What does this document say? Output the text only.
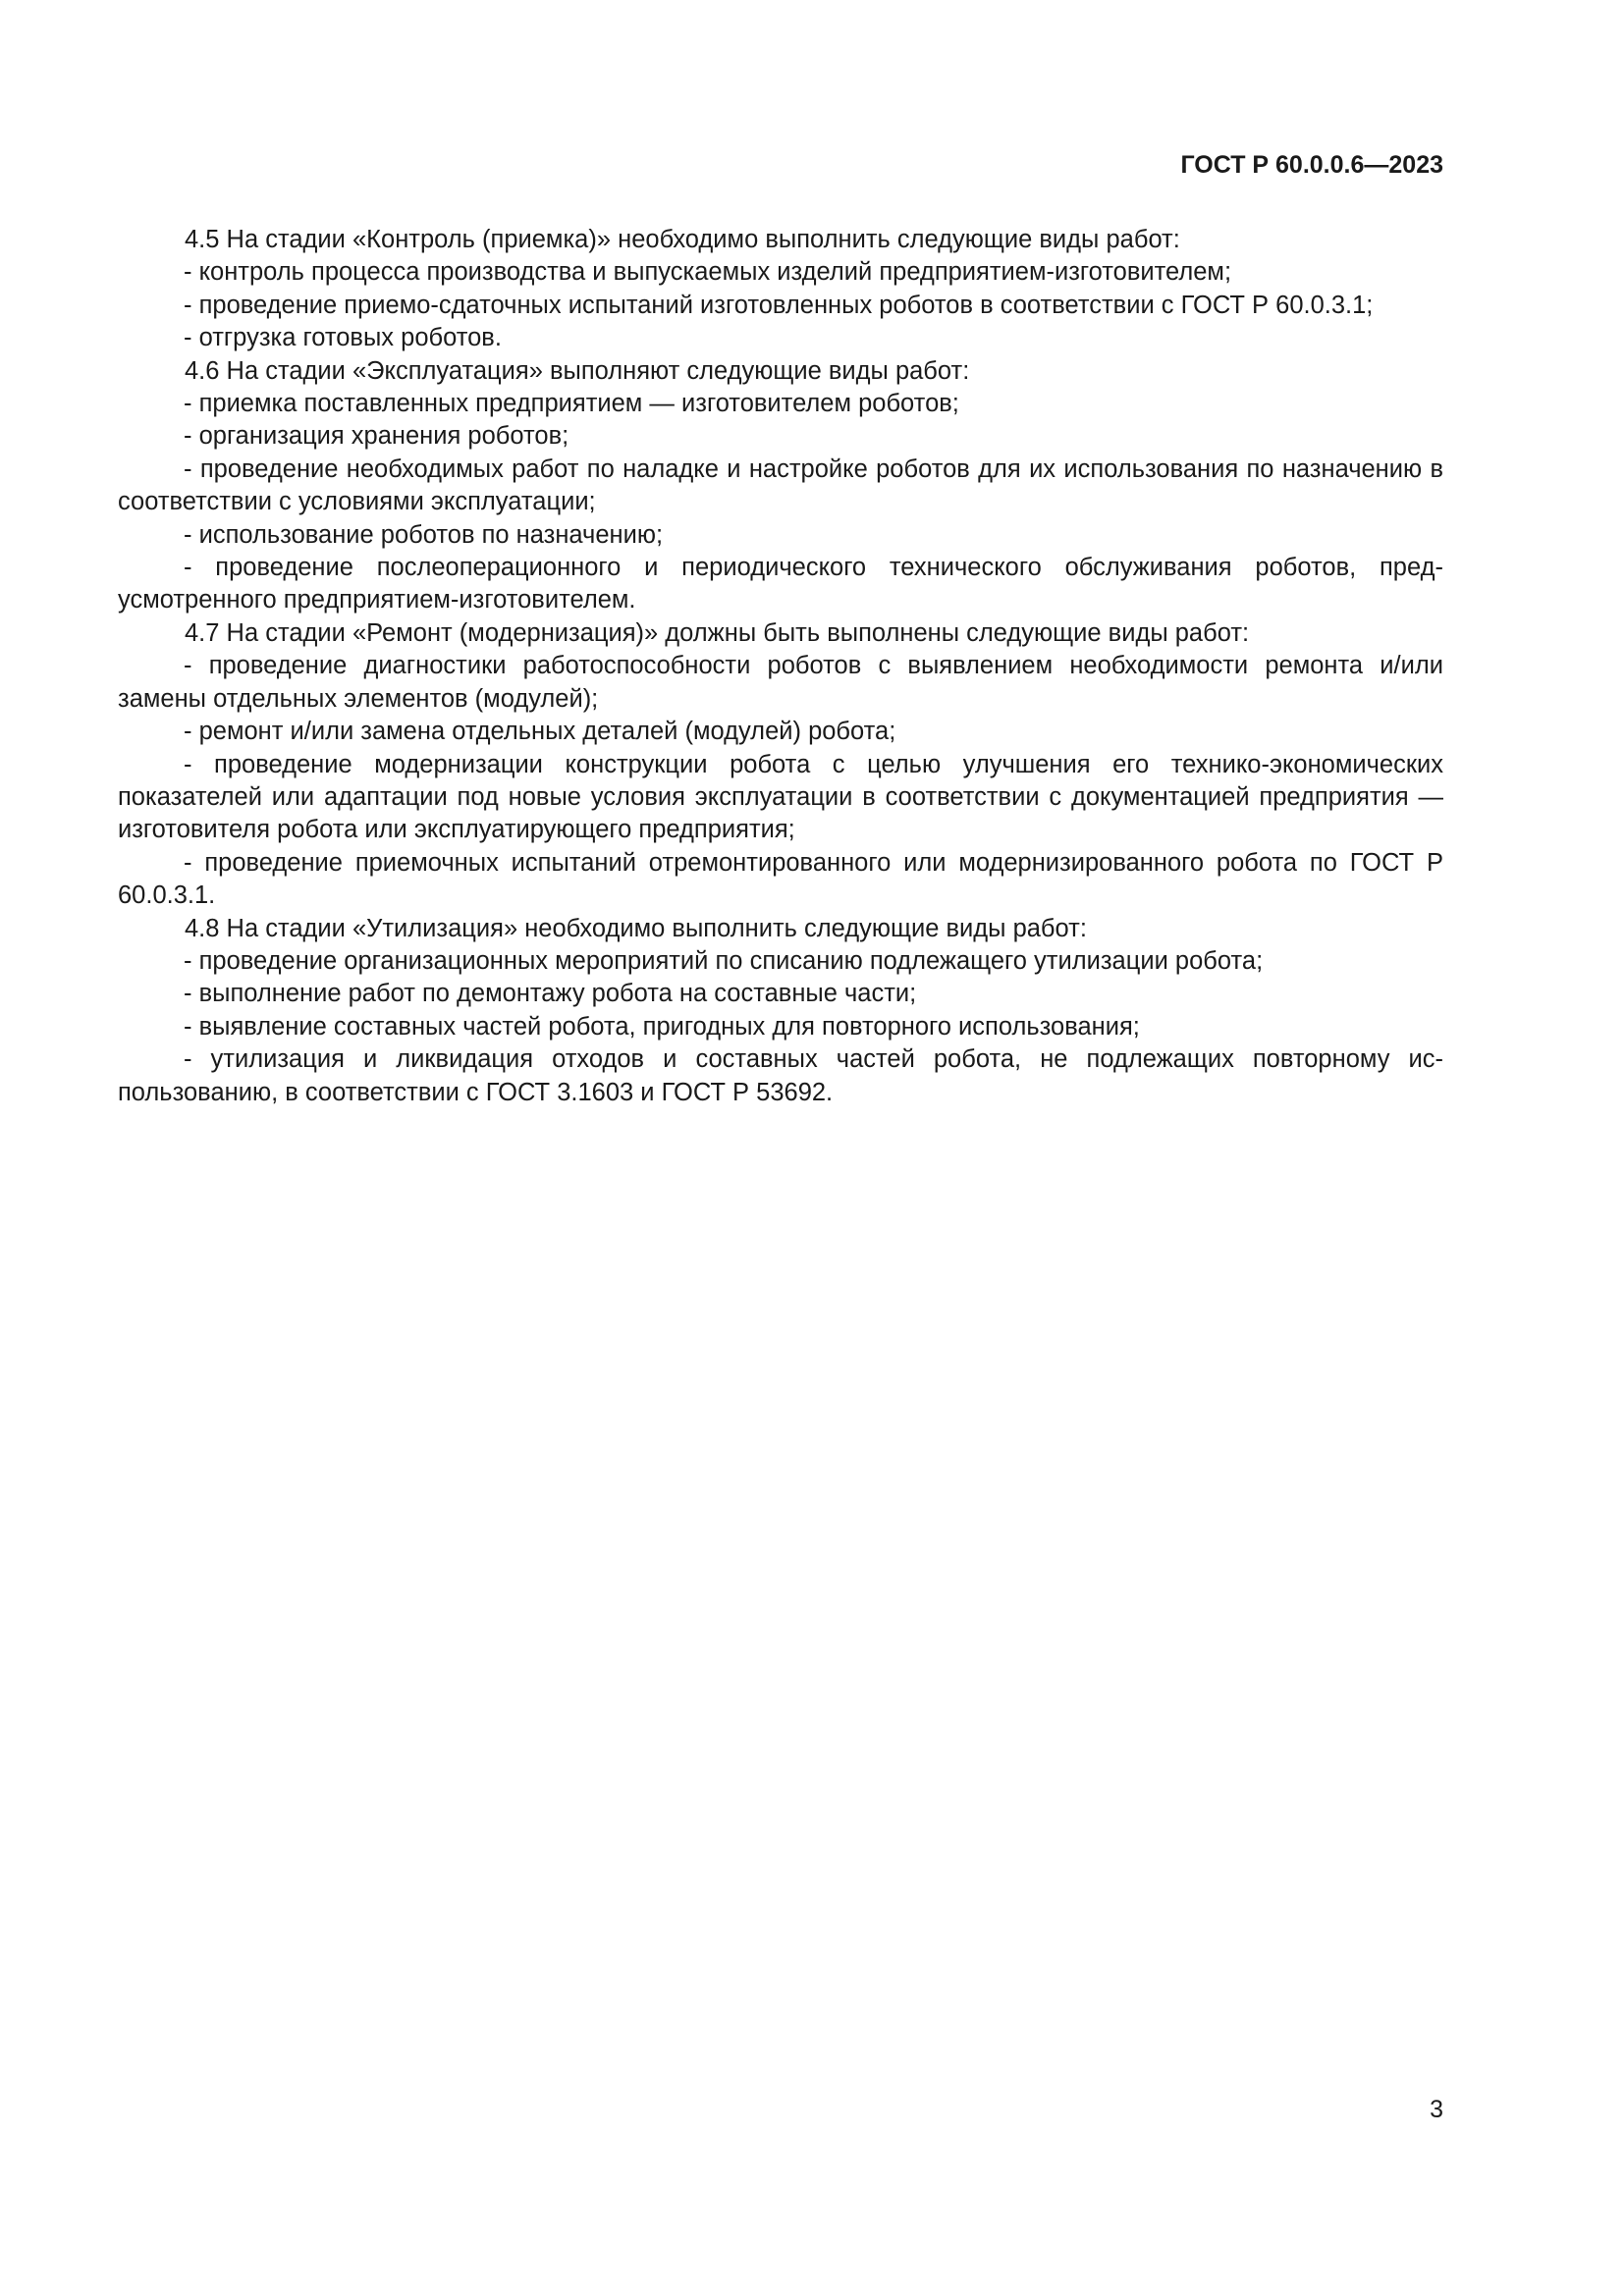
ГОСТ Р 60.0.0.6—2023

4.5 На стадии «Контроль (приемка)» необходимо выполнить следующие виды работ:

- контроль процесса производства и выпускаемых изделий предприятием-изготовителем;

- проведение приемо-сдаточных испытаний изготовленных роботов в соответствии с ГОСТ Р 60.0.3.1;

- отгрузка готовых роботов.

4.6 На стадии «Эксплуатация» выполняют следующие виды работ:

- приемка поставленных предприятием — изготовителем роботов;

- организация хранения роботов;

- проведение необходимых работ по наладке и настройке роботов для их использования по назначению в соответствии с условиями эксплуатации;

- использование роботов по назначению;

- проведение послеоперационного и периодического технического обслуживания роботов, предусмотренного предприятием-изготовителем.

4.7 На стадии «Ремонт (модернизация)» должны быть выполнены следующие виды работ:

- проведение диагностики работоспособности роботов с выявлением необходимости ремонта и/или замены отдельных элементов (модулей);

- ремонт и/или замена отдельных деталей (модулей) робота;

- проведение модернизации конструкции робота с целью улучшения его технико-экономических показателей или адаптации под новые условия эксплуатации в соответствии с документацией предприятия — изготовителя робота или эксплуатирующего предприятия;

- проведение приемочных испытаний отремонтированного или модернизированного робота по ГОСТ Р 60.0.3.1.

4.8 На стадии «Утилизация» необходимо выполнить следующие виды работ:

- проведение организационных мероприятий по списанию подлежащего утилизации робота;

- выполнение работ по демонтажу робота на составные части;

- выявление составных частей робота, пригодных для повторного использования;

- утилизация и ликвидация отходов и составных частей робота, не подлежащих повторному использованию, в соответствии с ГОСТ 3.1603 и ГОСТ Р 53692.

3
